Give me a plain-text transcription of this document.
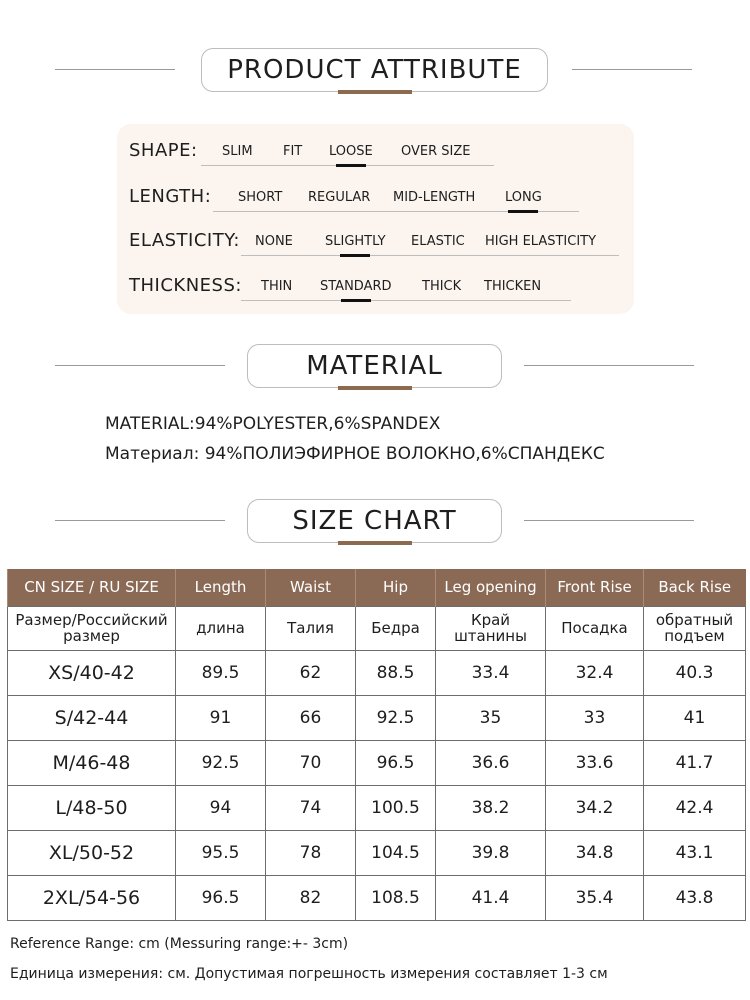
PRODUCT ATTRIBUTE
SHAPE: SLIM FIT LOOSE OVER SIZE
LENGTH: SHORT REGULAR MID-LENGTH LONG
ELASTICITY: NONE SLIGHTLY ELASTIC HIGH ELASTICITY
THICKNESS: THIN STANDARD THICK THICKEN
MATERIAL
MATERIAL:94%POLYESTER,6%SPANDEX
Материал: 94%ПОЛИЭФИРНОЕ ВОЛОКНО,6%СПАНДЕКС
SIZE CHART
CN SIZE / RU SIZE	Length	Waist	Hip	Leg opening	Front Rise	Back Rise
Размер/Российский размер	длина	Талия	Бедра	Край штанины	Посадка	обратный подъем
XS/40-42	89.5	62	88.5	33.4	32.4	40.3
S/42-44	91	66	92.5	35	33	41
M/46-48	92.5	70	96.5	36.6	33.6	41.7
L/48-50	94	74	100.5	38.2	34.2	42.4
XL/50-52	95.5	78	104.5	39.8	34.8	43.1
2XL/54-56	96.5	82	108.5	41.4	35.4	43.8
Reference Range: cm (Messuring range:+- 3cm)
Единица измерения: см. Допустимая погрешность измерения составляет 1-3 см
